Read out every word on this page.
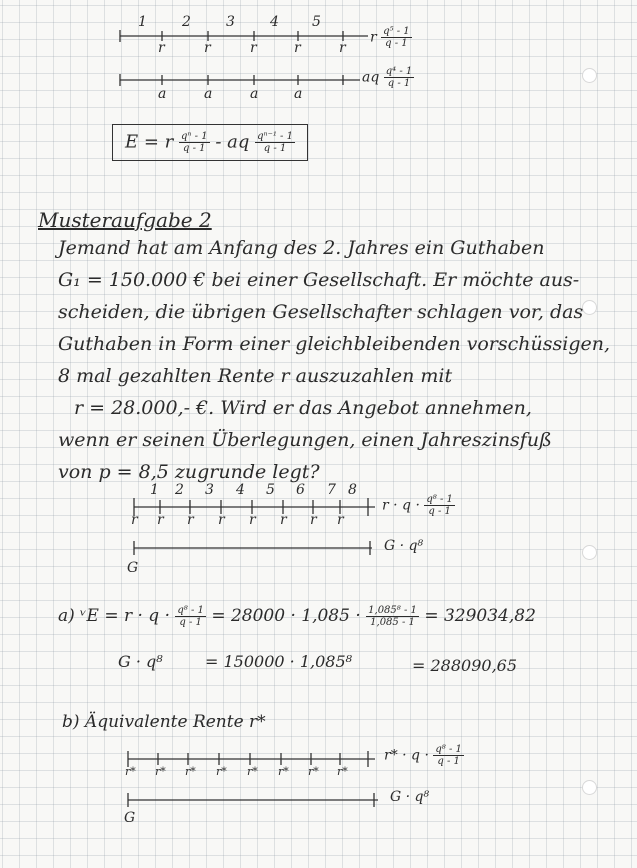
1	2	3	4 5
r	r	r	r	r
r $\frac{\text{q⁵ - 1}}{q - 1}$
a	a	a	a
aq $\frac{\text{q⁴ - 1}}{q - 1}$
E = r $\frac{\text{qⁿ - 1}}{q - 1}$ - aq $\frac{\text{qⁿ⁻¹ - 1}}{q - 1}$
Musteraufgabe 2
Jemand hat am Anfang des 2. Jahres ein Guthaben
G₁ = 150.000 € bei einer Gesellschaft. Er möchte aus-
scheiden, die übrigen Gesellschafter schlagen vor, das
Guthaben in Form einer gleichbleibenden vorschüssigen,
8 mal gezahlten Rente r auszuzahlen mit
r = 28.000,- €. Wird er das Angebot annehmen,
wenn er seinen Überlegungen, einen Jahreszinsfuß
von p = 8,5 zugrunde legt?
1 2 3 4 5 6 7 8
r r r r r r r r
$r \cdot q \cdot \frac{\text{q⁸ - 1}}{q - 1}$
G
G · q⁸
a) ᵛE = $r \cdot q \cdot \frac{\text{q⁸ - 1}}{q - 1} = 28000 \cdot 1,085 \cdot \frac{\text{1,085⁸ - 1}}{1,085 - 1} = 329034,82$
G · q⁸	= 150000 · 1,085⁸	= 288090,65
b) Äquivalente Rente r*
r* r* r* r* r* r* r* r*
$r* \cdot q \cdot \frac{\text{q⁸ - 1}}{q - 1}$
G
G · q⁸
